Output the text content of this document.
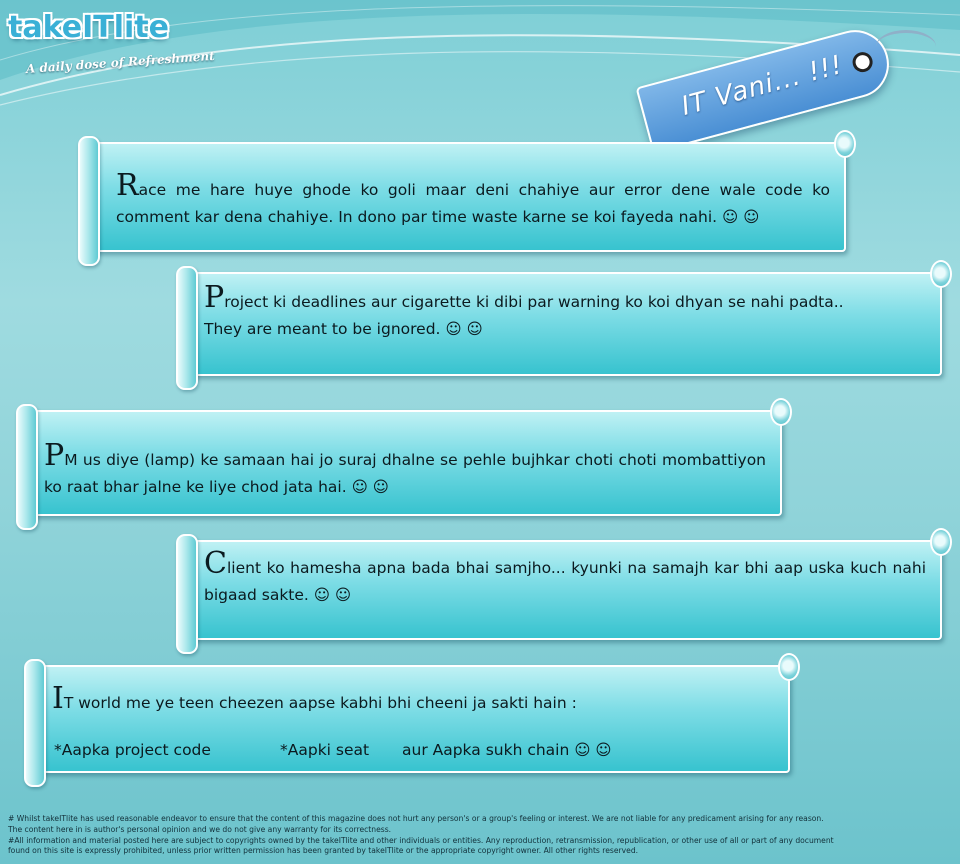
takeITlite
A daily dose of Refreshment	IT Vani... !!!
Race me hare huye ghode ko goli maar deni chahiye aur error dene wale code ko comment kar dena chahiye. In dono par time waste karne se koi fayeda nahi. ☺ ☺
Project ki deadlines aur cigarette ki dibi par warning ko koi dhyan se nahi padta..
They are meant to be ignored. ☺ ☺
PM us diye (lamp) ke samaan hai jo suraj dhalne se pehle bujhkar choti choti mombattiyon ko raat bhar jalne ke liye chod jata hai. ☺ ☺
Client ko hamesha apna bada bhai samjho... kyunki na samajh kar bhi aap uska kuch nahi bigaad sakte. ☺ ☺
IT world me ye teen cheezen aapse kabhi bhi cheeni ja sakti hain :
*Aapka project code	*Aapki seat aur Aapka sukh chain ☺ ☺
# Whilst takeITlite has used reasonable endeavor to ensure that the content of this magazine does not hurt any person's or a group's feeling or interest. We are not liable for any predicament arising for any reason.
The content here in is author's personal opinion and we do not give any warranty for its correctness.
#All information and material posted here are subject to copyrights owned by the takeITlite and other individuals or entities. Any reproduction, retransmission, republication, or other use of all or part of any document
found on this site is expressly prohibited, unless prior written permission has been granted by takeITlite or the appropriate copyright owner. All other rights reserved.
